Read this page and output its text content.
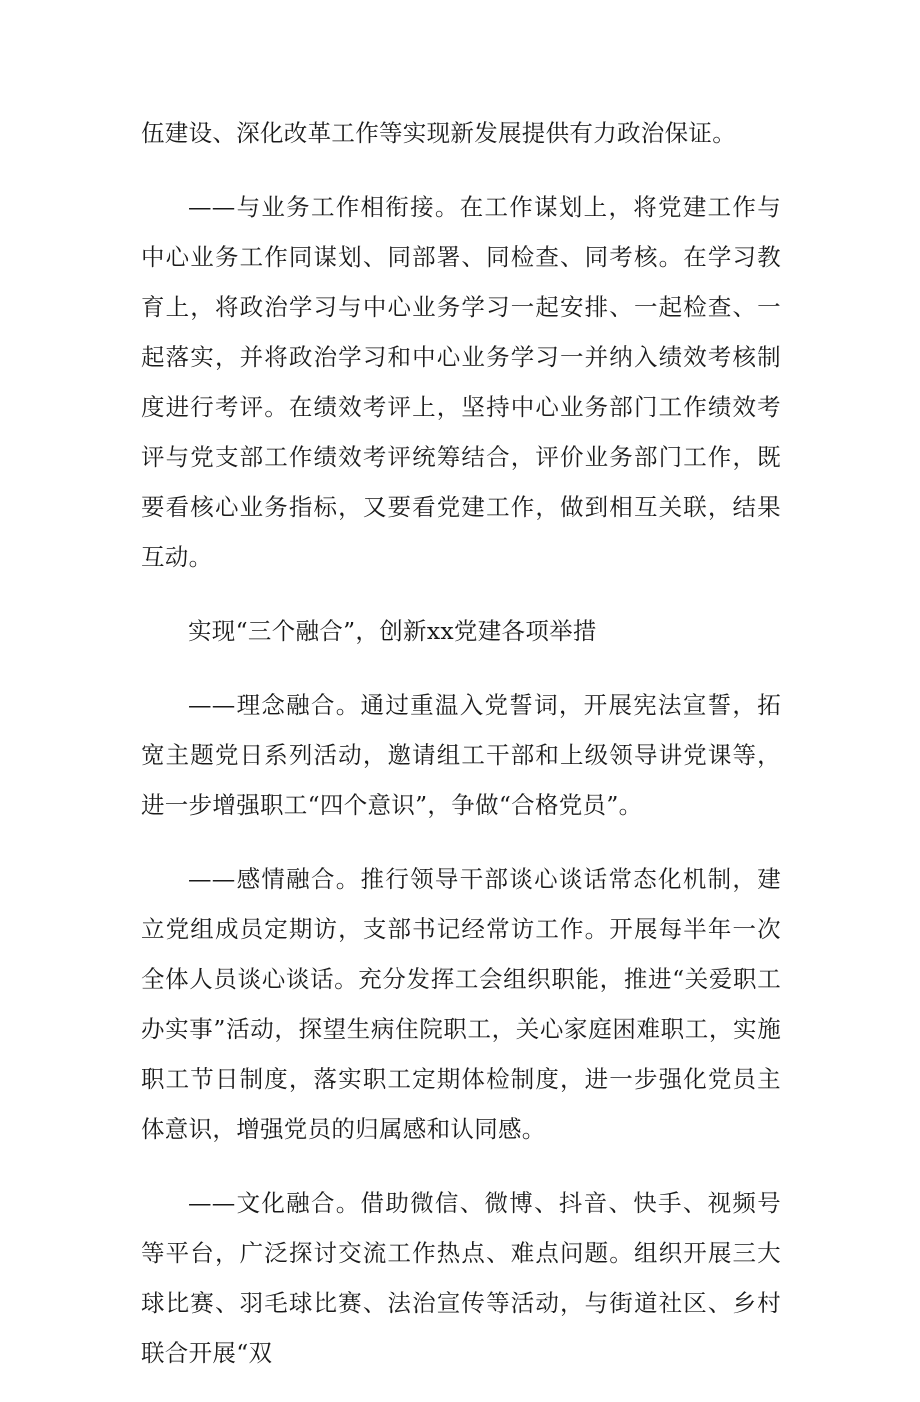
伍建设、深化改革工作等实现新发展提供有力政治保证。

——与业务工作相衔接。在工作谋划上，将党建工作与中心业务工作同谋划、同部署、同检查、同考核。在学习教育上，将政治学习与中心业务学习一起安排、一起检查、一起落实，并将政治学习和中心业务学习一并纳入绩效考核制度进行考评。在绩效考评上，坚持中心业务部门工作绩效考评与党支部工作绩效考评统筹结合，评价业务部门工作，既要看核心业务指标，又要看党建工作，做到相互关联，结果互动。

实现“三个融合”，创新xx党建各项举措

——理念融合。通过重温入党誓词，开展宪法宣誓，拓宽主题党日系列活动，邀请组工干部和上级领导讲党课等，进一步增强职工“四个意识”，争做“合格党员”。

——感情融合。推行领导干部谈心谈话常态化机制，建立党组成员定期访，支部书记经常访工作。开展每半年一次全体人员谈心谈话。充分发挥工会组织职能，推进“关爱职工办实事”活动，探望生病住院职工，关心家庭困难职工，实施职工节日制度，落实职工定期体检制度，进一步强化党员主体意识，增强党员的归属感和认同感。

——文化融合。借助微信、微博、抖音、快手、视频号等平台，广泛探讨交流工作热点、难点问题。组织开展三大球比赛、羽毛球比赛、法治宣传等活动，与街道社区、乡村联合开展“双
